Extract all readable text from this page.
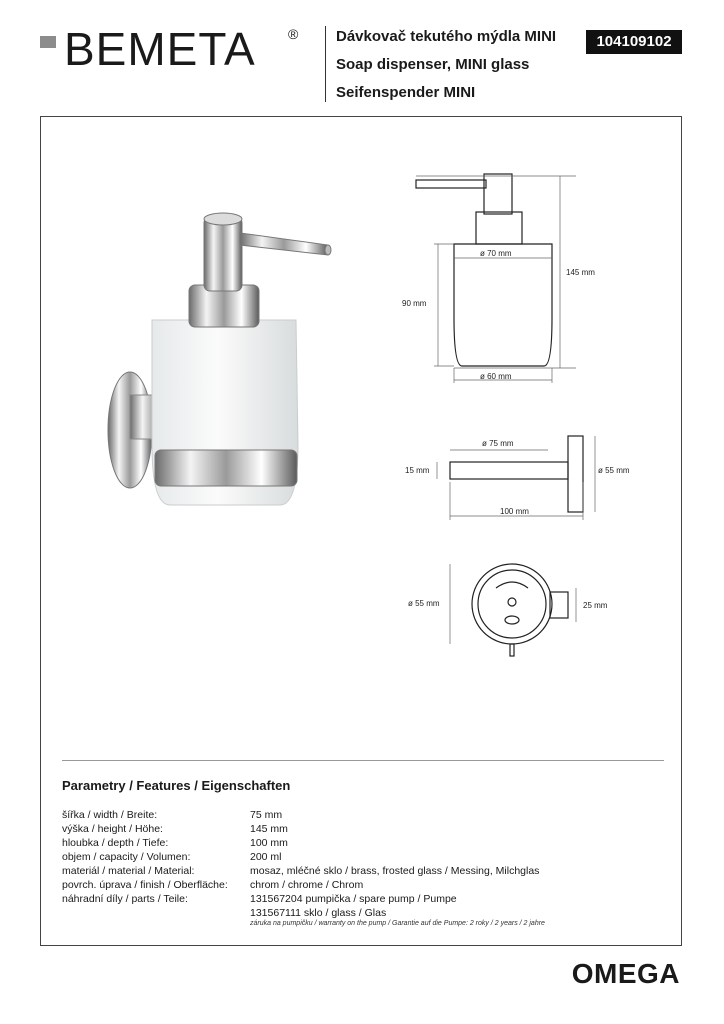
BEMETA ®	Dávkovač tekutého mýdla MINI
Soap dispenser, MINI glass
Seifenspender MINI
104109102
ø 70 mm
145 mm
90 mm
ø 60 mm
ø 75 mm
15 mm	ø 55 mm
100 mm
ø 55 mm	25 mm
Parametry / Features / Eigenschaften
šířka / width / Breite:	75 mm
výška / height / Höhe:	145 mm
hloubka / depth / Tiefe:	100 mm
objem / capacity / Volumen:	200 ml
materiál / material / Material:	mosaz, mléčné sklo / brass, frosted glass / Messing, Milchglas
povrch. úprava / finish / Oberfläche:	chrom / chrome / Chrom
náhradní díly / parts / Teile:	131567204 pumpička / spare pump / Pumpe
131567111 sklo / glass / Glas
záruka na pumpičku / warranty on the pump / Garantie auf die Pumpe: 2 roky / 2 years / 2 jahre
OMEGA
